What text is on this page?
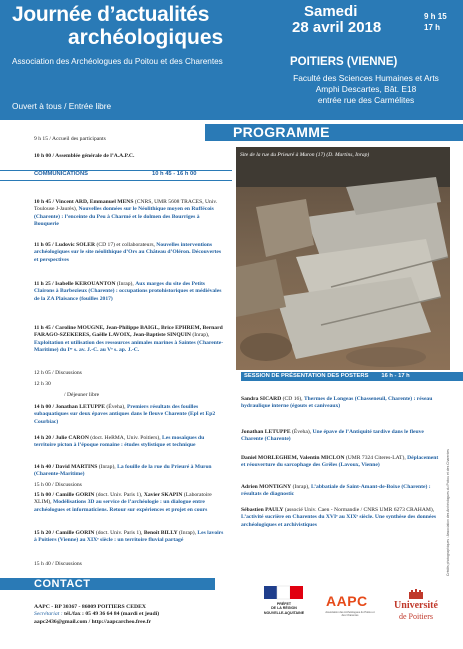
Journée d’actualités
archéologiques
Association des Archéologues du Poitou et des Charentes
Ouvert à tous / Entrée libre
Samedi
28 avril 2018
9 h 15
17 h
POITIERS (VIENNE)
Faculté des Sciences Humaines et Arts
Amphi Descartes, Bât. E18
entrée rue des Carmélites
PROGRAMME
9 h 15 / Accueil des participants
10 h 00 / Assemblée générale de l’A.A.P.C.
COMMUNICATIONS	10 h 45 - 16 h 00
10 h 45 / Vincent ARD, Emmanuel MENS (CNRS, UMR 5608 TRACES, Univ. Toulouse J-Jaurès), Nouvelles données sur le Néolithique moyen en Ruffécois (Charente) : l’enceinte du Peu à Charmé et le dolmen des Bourriges à Bouquerie
11 h 05 / Ludovic SOLER (CD 17) et collaborateurs, Nouvelles interventions archéologiques sur le site néolithique d’Ors au Château d’Oléron. Découvertes et perspectives
11 h 25 / Isabelle KEROUANTON (Inrap), Aux marges du site des Petits Clairons à Barbezieux (Charente) : occupations protohistoriques et médiévales de la ZA Plaisance (fouilles 2017)
11 h 45 / Caroline MOUGNE, Jean-Philippe BAIGL, Brice EPHREM, Bernard FARAGO-SZEKERES, Gaëlle LAVOIX, Jean-Baptiste SINQUIN (Inrap), Exploitation et utilisation des ressources animales marines à Saintes (Charente-Maritime) du Iᵉʳ s. av. J.-C. au Vᵉ s. ap. J.-C.
12 h 05 / Discussions
12 h 30
/ Déjeuner libre
14 h 00 / Jonathan LETUPPE (Éveha), Premiers résultats des fouilles subaquatiques sur deux épaves antiques dans le fleuve Charente (Epl et Ep2 Courbiac)
14 h 20 / Julie CARON (doct. HeRMA, Univ. Poitiers), Les mosaïques du territoire picton à l’époque romaine : études stylistique et technique
14 h 40 / David MARTINS (Inrap), La fouille de la rue du Prieuré à Muron (Charente-Maritime)
15 h 00 / Discussions
15 h 00 / Camille GORIN (doct. Univ. Paris 1), Xavier SKAPIN (Laboratoire XLIM), Modélisations 3D au service de l’archéologie : un dialogue entre archéologues et informaticiens. Retour sur expériences et projet en cours
15 h 20 / Camille GORIN (doct. Univ. Paris 1), Benoît BILLY (Inrap), Les lavoirs à Poitiers (Vienne) au XIXᵉ siècle : un territoire fluvial partagé
15 h 40 / Discussions
Site de la rue du Prieuré à Muron (17) (D. Martins, Inrap)
SESSION DE PRÉSENTATION DES POSTERS 16 h - 17 h
Sandra SICARD (CD 16), Thermes de Longeas (Chasseneuil, Charente) : réseau hydraulique interne (égouts et caniveaux)
Jonathan LETUPPE (Éveha), Une épave de l’Antiquité tardive dans le fleuve Charente (Charente)
Daniel MORLEGHEM, Valentin MICLON (UMR 7324 Citeres-LAT), Déplacement et réouverture du sarcophage des Grêles (Lavoux, Vienne)
Adrien MONTIGNY (Inrap), L’abbatiale de Saint-Amant-de-Boixe (Charente) : résultats de diagnostic
Sébastien PAULY (associé Univ. Caen - Normandie / CNRS UMR 6273 CRAHAM), L’activité sucrière en Charentes du XVIᵉ au XIXᵉ siècle. Une synthèse des données archéologiques et archivistiques	Crédits photographiques : Association des Archéologues du Poitou et des Charentes
CONTACT
AAPC - BP 30367 - 86009 POITIERS CEDEX
Secrétariat : tél./fax : 05 49 36 64 84 (mardi et jeudi)
aapc2436@gmail.com / http://aapcarcheo.free.fr
PRÉFET
DE LA RÉGION
NOUVELLE-AQUITAINE
AAPC
Association des Archéologues du Poitou et des Charentes
Université
de Poitiers
